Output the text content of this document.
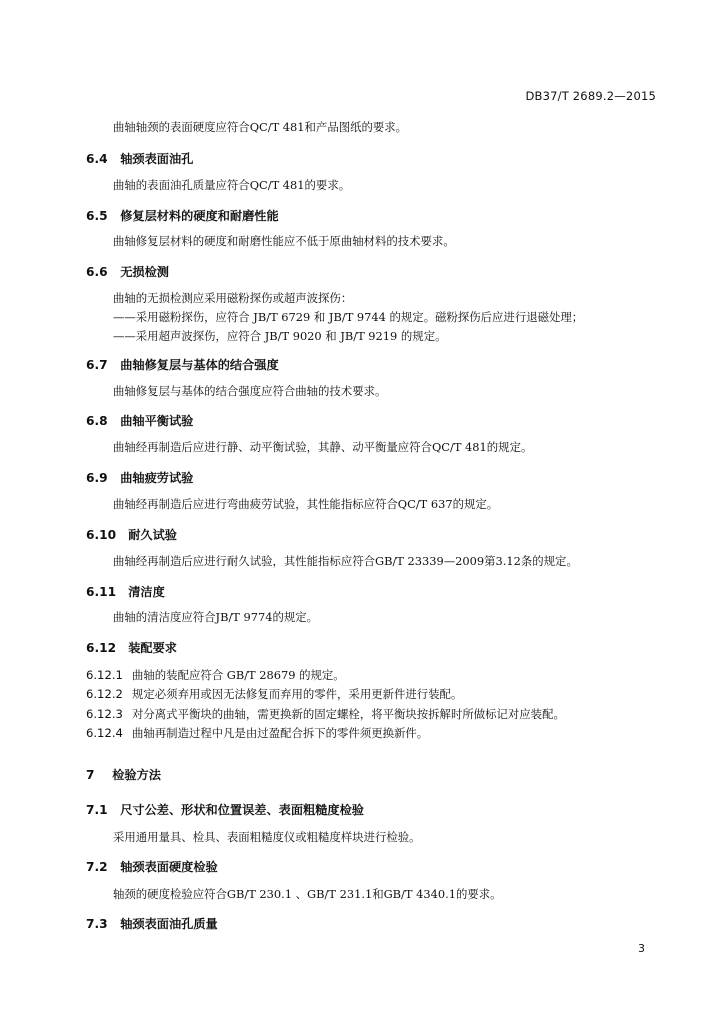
DB37/T 2689.2—2015
曲轴轴颈的表面硬度应符合QC/T 481和产品图纸的要求。
6.4 轴颈表面油孔
曲轴的表面油孔质量应符合QC/T 481的要求。
6.5 修复层材料的硬度和耐磨性能
曲轴修复层材料的硬度和耐磨性能应不低于原曲轴材料的技术要求。
6.6 无损检测
曲轴的无损检测应采用磁粉探伤或超声波探伤：
——采用磁粉探伤，应符合 JB/T 6729 和 JB/T 9744 的规定。磁粉探伤后应进行退磁处理；
——采用超声波探伤，应符合 JB/T 9020 和 JB/T 9219 的规定。
6.7 曲轴修复层与基体的结合强度
曲轴修复层与基体的结合强度应符合曲轴的技术要求。
6.8 曲轴平衡试验
曲轴经再制造后应进行静、动平衡试验，其静、动平衡量应符合QC/T 481的规定。
6.9 曲轴疲劳试验
曲轴经再制造后应进行弯曲疲劳试验，其性能指标应符合QC/T 637的规定。
6.10 耐久试验
曲轴经再制造后应进行耐久试验，其性能指标应符合GB/T 23339—2009第3.12条的规定。
6.11 清洁度
曲轴的清洁度应符合JB/T 9774的规定。
6.12 装配要求
6.12.1 曲轴的装配应符合 GB/T 28679 的规定。
6.12.2 规定必须弃用或因无法修复而弃用的零件，采用更新件进行装配。
6.12.3 对分离式平衡块的曲轴，需更换新的固定螺栓，将平衡块按拆解时所做标记对应装配。
6.12.4 曲轴再制造过程中凡是由过盈配合拆下的零件须更换新件。
7 检验方法
7.1 尺寸公差、形状和位置误差、表面粗糙度检验
采用通用量具、检具、表面粗糙度仪或粗糙度样块进行检验。
7.2 轴颈表面硬度检验
轴颈的硬度检验应符合GB/T 230.1 、GB/T 231.1和GB/T 4340.1的要求。
7.3 轴颈表面油孔质量
3
